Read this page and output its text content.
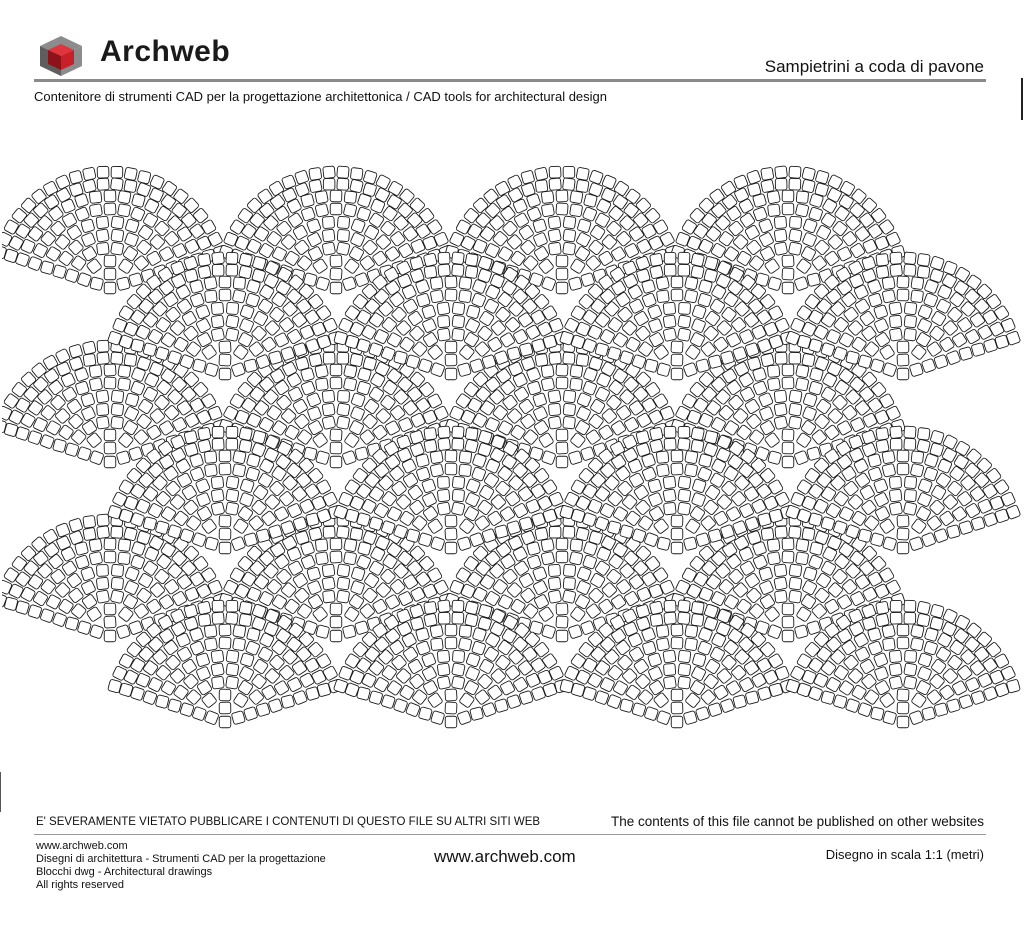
Archweb	Sampietrini a coda di pavone
Contenitore di strumenti CAD per la progettazione architettonica / CAD tools for architectural design
E' SEVERAMENTE VIETATO PUBBLICARE I CONTENUTI DI QUESTO FILE SU ALTRI SITI WEB	The contents of this file cannot be published on other websites
www.archweb.com
Disegni di architettura - Strumenti CAD per la progettazione
Blocchi dwg - Architectural drawings
All rights reserved
www.archweb.com	Disegno in scala 1:1 (metri)
